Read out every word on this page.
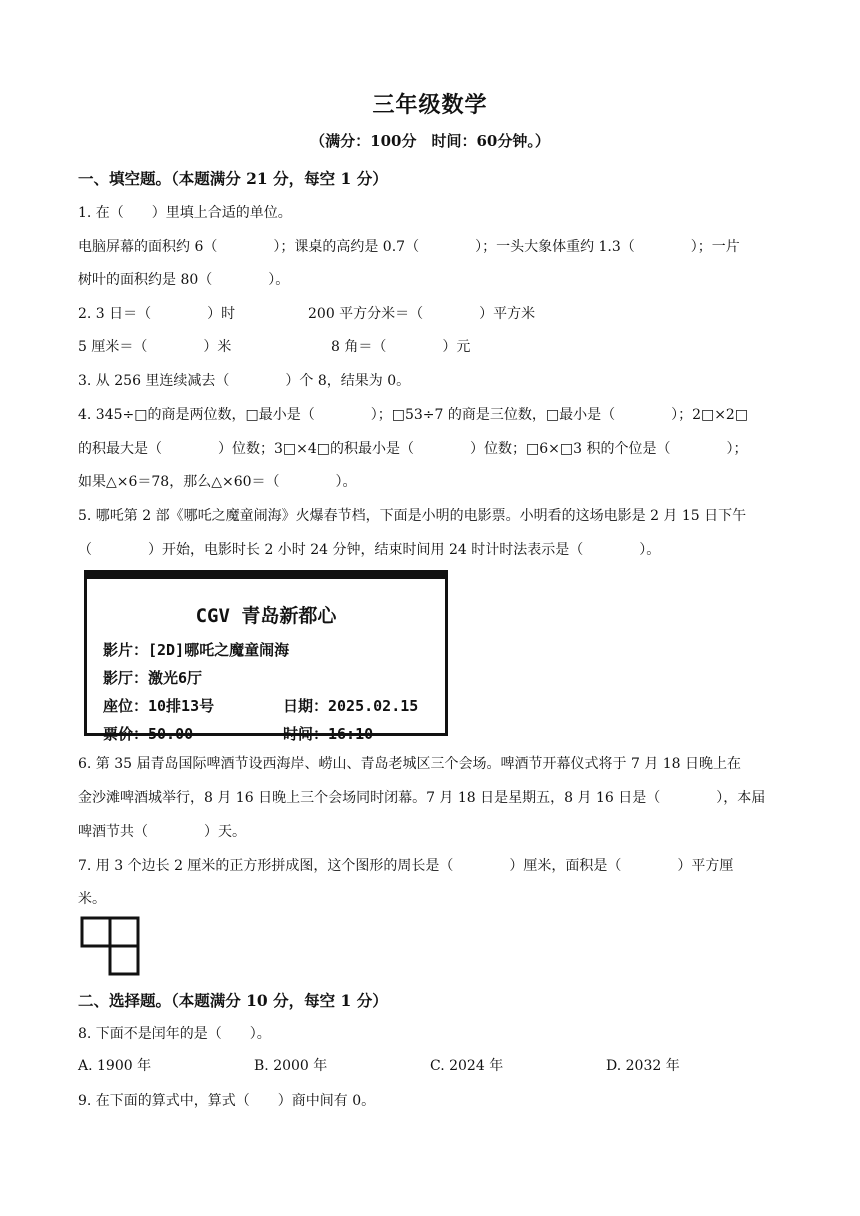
三年级数学
（满分：100分　时间：60分钟。）
一、填空题。（本题满分 21 分，每空 1 分）
1. 在（　　）里填上合适的单位。
电脑屏幕的面积约 6（　　　　）；课桌的高约是 0.7（　　　　）；一头大象体重约 1.3（　　　　）；一片
树叶的面积约是 80（　　　　）。
2. 3 日＝（　　　　）时	200 平方分米＝（　　　　）平方米
5 厘米＝（　　　　）米	8 角＝（　　　　）元
3. 从 256 里连续减去（　　　　）个 8，结果为 0。
4. 345÷□的商是两位数，□最小是（　　　　）；□53÷7 的商是三位数，□最小是（　　　　）；2□×2□
的积最大是（　　　　）位数；3□×4□的积最小是（　　　　）位数；□6×□3 积的个位是（　　　　）；
如果△×6＝78，那么△×60＝（　　　　）。
5. 哪吒第 2 部《哪吒之魔童闹海》火爆春节档，下面是小明的电影票。小明看的这场电影是 2 月 15 日下午
（　　　　）开始，电影时长 2 小时 24 分钟，结束时间用 24 时计时法表示是（　　　　）。
CGV 青岛新都心
影片：[2D]哪吒之魔童闹海
影厅：激光6厅
座位：10排13号	日期：2025.02.15
票价：50.00	时间：16:10
6. 第 35 届青岛国际啤酒节设西海岸、崂山、青岛老城区三个会场。啤酒节开幕仪式将于 7 月 18 日晚上在
金沙滩啤酒城举行，8 月 16 日晚上三个会场同时闭幕。7 月 18 日是星期五，8 月 16 日是（　　　　），本届
啤酒节共（　　　　）天。
7. 用 3 个边长 2 厘米的正方形拼成图，这个图形的周长是（　　　　）厘米，面积是（　　　　）平方厘
米。
二、选择题。（本题满分 10 分，每空 1 分）
8. 下面不是闰年的是（　　）。
A. 1900 年	B. 2000 年	C. 2024 年	D. 2032 年
9. 在下面的算式中，算式（　　）商中间有 0。
